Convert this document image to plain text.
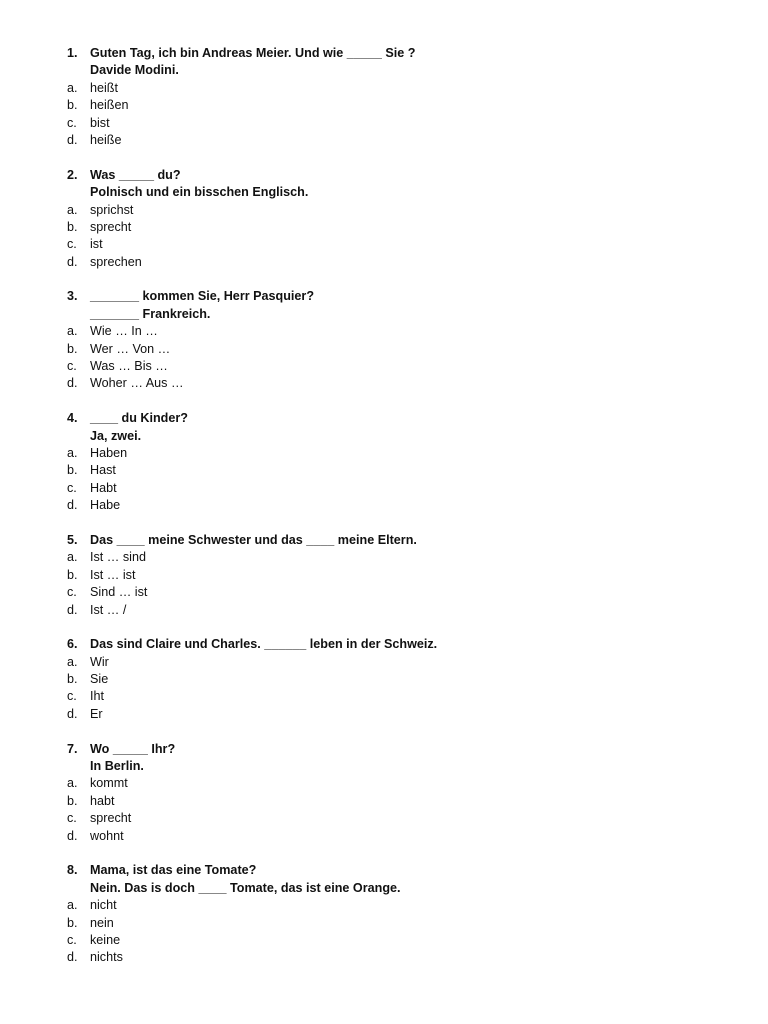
1. Guten Tag, ich bin Andreas Meier. Und wie _____ Sie ?
Davide Modini.
a. heißt
b. heißen
c.	bist
d. heiße
2. Was _____ du?
Polnisch und ein bisschen Englisch.
a. sprichst
b. sprecht
c.	ist
d. sprechen
3. _______ kommen Sie, Herr Pasquier?
_______ Frankreich.
a. Wie … In …
b. Wer … Von …
c.	Was … Bis …
d. Woher … Aus …
4. ____ du Kinder?
Ja, zwei.
a. Haben
b. Hast
c.	Habt
d. Habe
5. Das ____ meine Schwester und das ____ meine Eltern.
a. Ist … sind
b. Ist … ist
c.	Sind … ist
d. Ist … /
6. Das sind Claire und Charles. ______ leben in der Schweiz.
a. Wir
b. Sie
c.	Iht
d. Er
7. Wo _____ Ihr?
In Berlin.
a. kommt
b. habt
c.	sprecht
d. wohnt
8. Mama, ist das eine Tomate?
Nein. Das is doch ____ Tomate, das ist eine Orange.
a. nicht
b. nein
c.	keine
d. nichts
